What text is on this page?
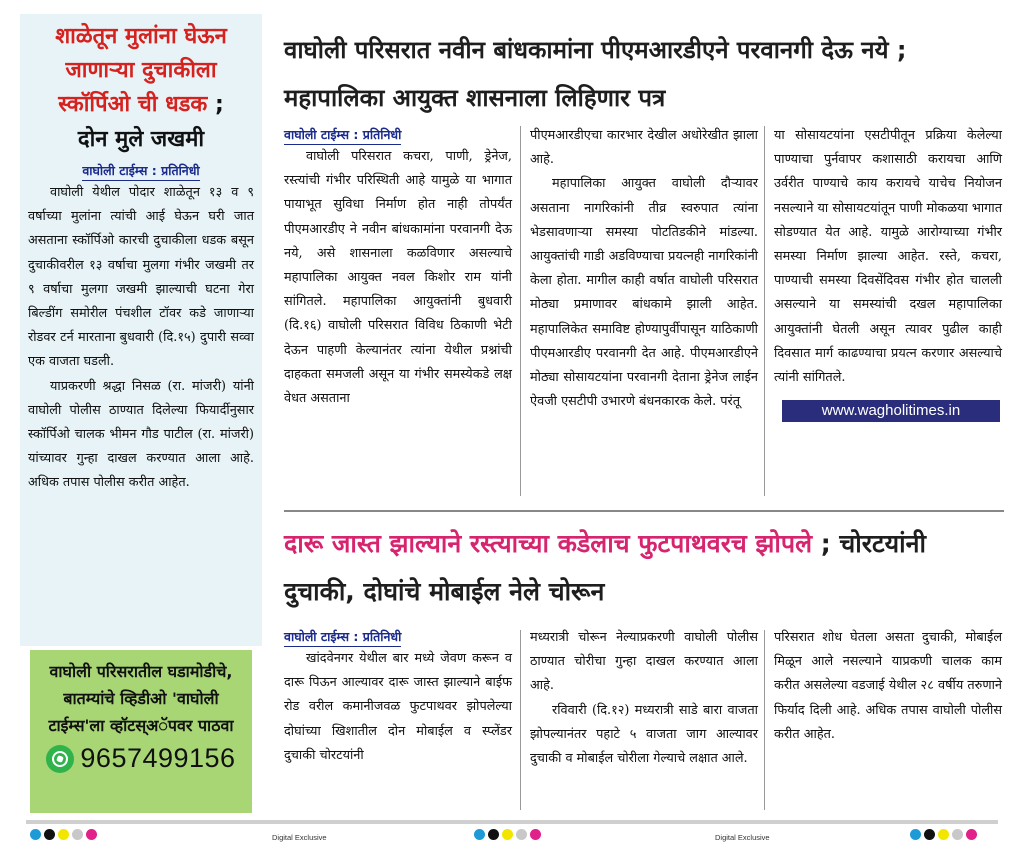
शाळेतून मुलांना घेऊन जाणाऱ्या दुचाकीला स्कॉर्पिओ ची धडक ;
दोन मुले जखमी
वाघोली टाईम्स : प्रतिनिधी

वाघोली येथील पोदार शाळेतून १३ व ९ वर्षाच्या मुलांना त्यांची आई घेऊन घरी जात असताना स्कॉर्पिओ कारची दुचाकीला धडक बसून दुचाकीवरील १३ वर्षाचा मुलगा गंभीर जखमी तर ९ वर्षाचा मुलगा जखमी झाल्याची घटना गेरा बिल्डींग समोरील पंचशील टॉवर कडे जाणाऱ्या रोडवर टर्न मारताना बुधवारी (दि.१५) दुपारी सव्वा एक वाजता घडली.

याप्रकरणी श्रद्धा निसळ (रा. मांजरी) यांनी वाघोली पोलीस ठाण्यात दिलेल्या फियार्दीनुसार स्कॉर्पिओ चालक भीमन गौड पाटील (रा. मांजरी) यांच्यावर गुन्हा दाखल करण्यात आला आहे. अधिक तपास पोलीस करीत आहेत.

वाघोली परिसरातील घडामोडीचे, बातम्यांचे व्हिडीओ 'वाघोली टाईम्स'ला व्हॉटस्अॅपवर पाठवा
9657499156
वाघोली परिसरात नवीन बांधकामांना पीएमआरडीएने परवानगी देऊ नये ; महापालिका आयुक्त शासनाला लिहिणार पत्र
वाघोली टाईम्स : प्रतिनिधी

वाघोली परिसरात कचरा, पाणी, ड्रेनेज, रस्त्यांची गंभीर परिस्थिती आहे यामुळे या भागात पायाभूत सुविधा निर्माण होत नाही तोपर्यंत पीएमआरडीए ने नवीन बांधकामांना परवानगी देऊ नये, असे शासनाला कळविणार असल्याचे महापालिका आयुक्त नवल किशोर राम यांनी सांगितले. महापालिका आयुक्तांनी बुधवारी (दि.१६) वाघोली परिसरात विविध ठिकाणी भेटी देऊन पाहणी केल्यानंतर त्यांना येथील प्रश्नांची दाहकता समजली असून या गंभीर समस्येकडे लक्ष वेधत असताना

पीएमआरडीएचा कारभार देखील अधोरेखीत झाला आहे.

महापालिका आयुक्त वाघोली दौऱ्यावर असताना नागरिकांनी तीव्र स्वरुपात त्यांना भेडसावणाऱ्या समस्या पोटतिडकीने मांडल्या. आयुक्तांची गाडी अडविण्याचा प्रयत्नही नागरिकांनी केला होता. मागील काही वर्षात वाघोली परिसरात मोठ्या प्रमाणावर बांधकामे झाली आहेत. महापालिकेत समाविष्ट होण्यापुर्वीपासून याठिकाणी पीएमआरडीए परवानगी देत आहे. पीएमआरडीएने मोठ्या सोसायटयांना परवानगी देताना ड्रेनेज लाईन ऐवजी एसटीपी उभारणे बंधनकारक केले. परंतू

या सोसायटयांना एसटीपीतून प्रक्रिया केलेल्या पाण्याचा पुर्नवापर कशासाठी करायचा आणि उर्वरीत पाण्याचे काय करायचे याचेच नियोजन नसल्याने या सोसायटयांतून पाणी मोकळया भागात सोडण्यात येत आहे. यामुळे आरोग्याच्या गंभीर समस्या निर्माण झाल्या आहेत. रस्ते, कचरा, पाण्याची समस्या दिवसेंदिवस गंभीर होत चालली असल्याने या समस्यांची दखल महापालिका आयुक्तांनी घेतली असून त्यावर पुढील काही दिवसात मार्ग काढण्याचा प्रयत्न करणार असल्याचे त्यांनी सांगितले.

www.wagholitimes.in
दारू जास्त झाल्याने रस्त्याच्या कडेलाच फुटपाथवरच झोपले ; चोरटयांनी दुचाकी, दोघांचे मोबाईल नेले चोरून
वाघोली टाईम्स : प्रतिनिधी

खांदवेनगर येथील बार मध्ये जेवण करून व दारू पिऊन आल्यावर दारू जास्त झाल्याने बाईफ रोड वरील कमानीजवळ फुटपाथवर झोपलेल्या दोघांच्या खिशातील दोन मोबाईल व स्प्लेंडर दुचाकी चोरटयांनी

मध्यरात्री चोरून नेल्याप्रकरणी वाघोली पोलीस ठाण्यात चोरीचा गुन्हा दाखल करण्यात आला आहे.

रविवारी (दि.१२) मध्यरात्री साडे बारा वाजता झोपल्यानंतर पहाटे ५ वाजता जाग आल्यावर दुचाकी व मोबाईल चोरीला गेल्याचे लक्षात आले.

परिसरात शोध घेतला असता दुचाकी, मोबाईल मिळून आले नसल्याने याप्रकणी चालक काम करीत असलेल्या वडजाई येथील २८ वर्षीय तरुणाने फिर्याद दिली आहे. अधिक तपास वाघोली पोलीस करीत आहेत.

Digital Exclusive	Digital Exclusive
